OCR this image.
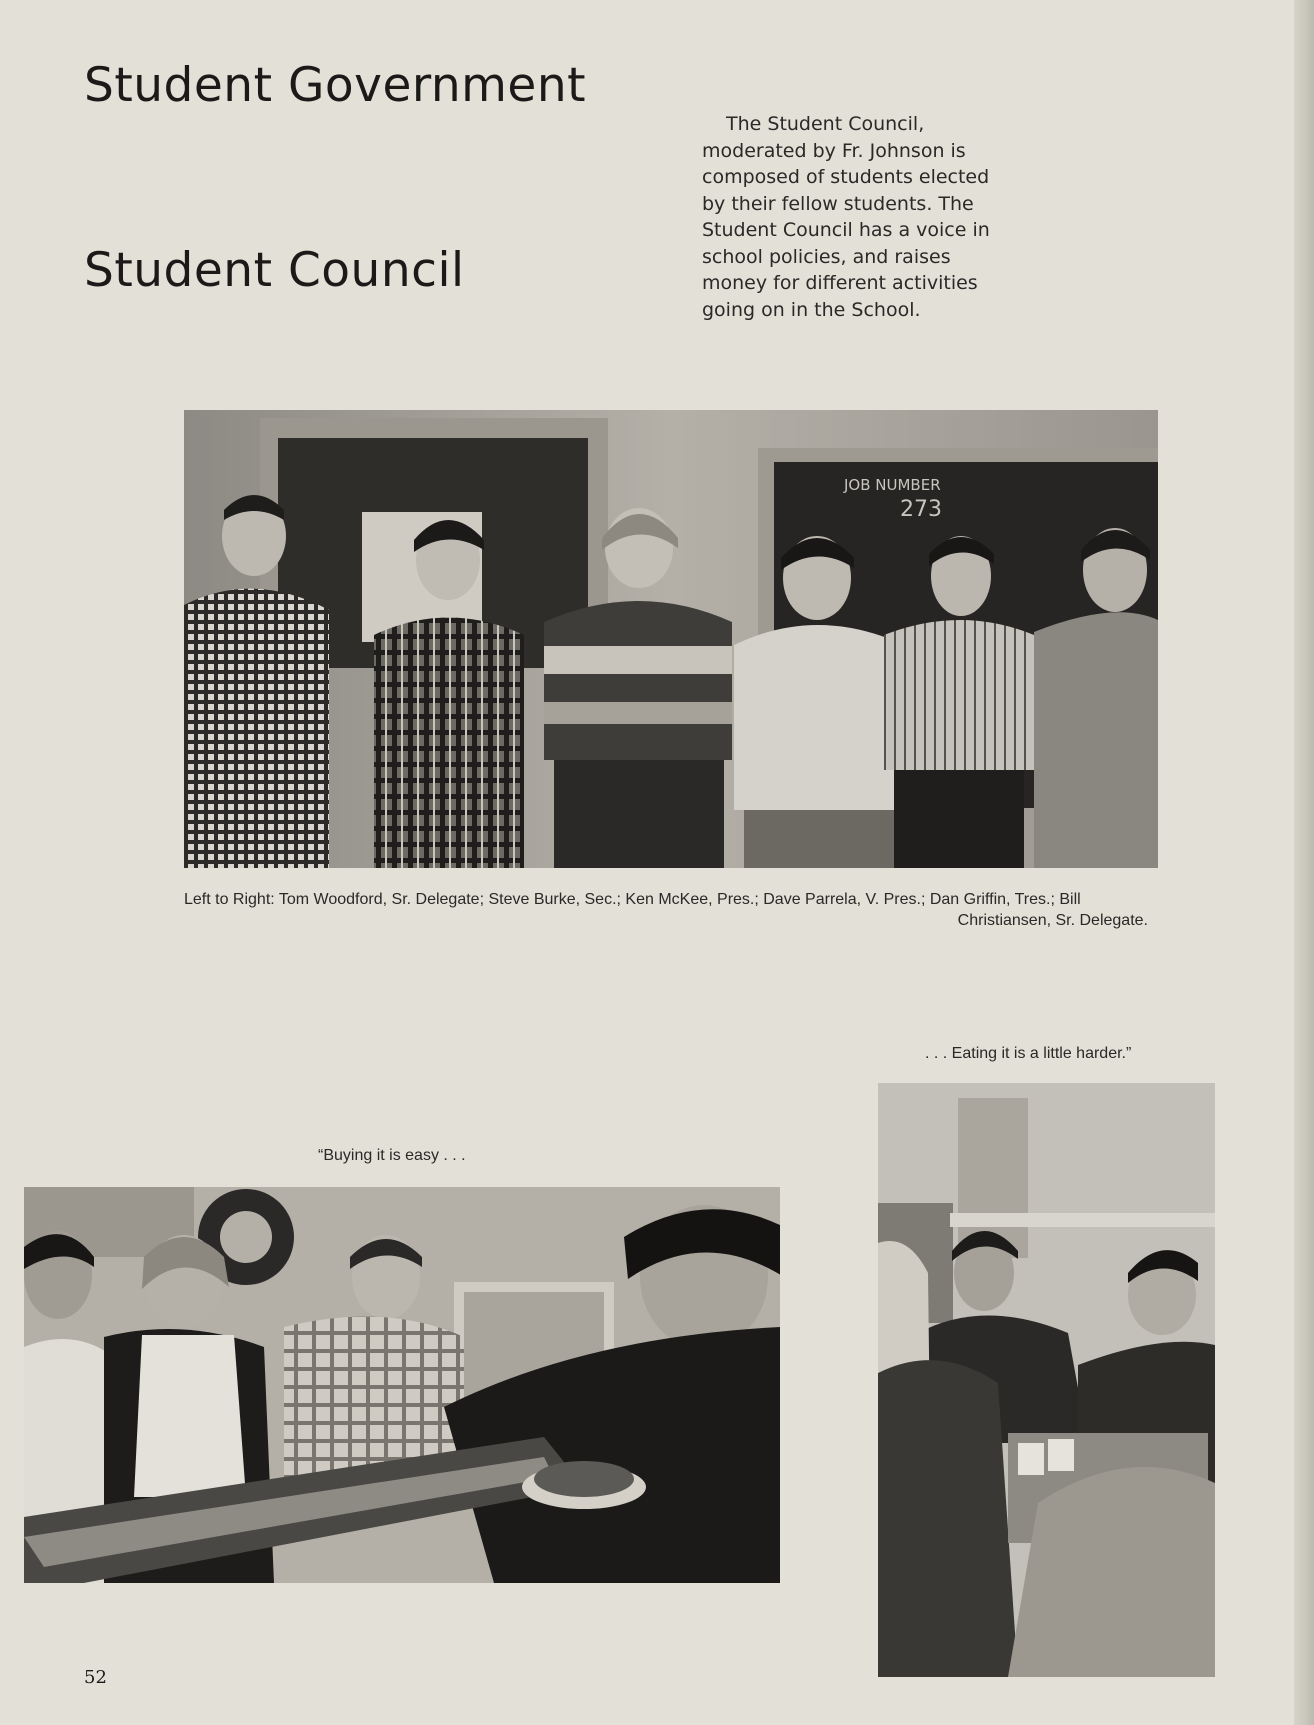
Student Government
Student Council

The Student Council, moderated by Fr. Johnson is composed of students elected by their fellow students. The Student Council has a voice in school policies, and raises money for different activities going on in the School.

JOB NUMBER
273

Left to Right: Tom Woodford, Sr. Delegate; Steve Burke, Sec.; Ken McKee, Pres.; Dave Parrela, V. Pres.; Dan Griffin, Tres.; Bill
Christiansen, Sr. Delegate.

. . . Eating it is a little harder.”

“Buying it is easy . . .

52
